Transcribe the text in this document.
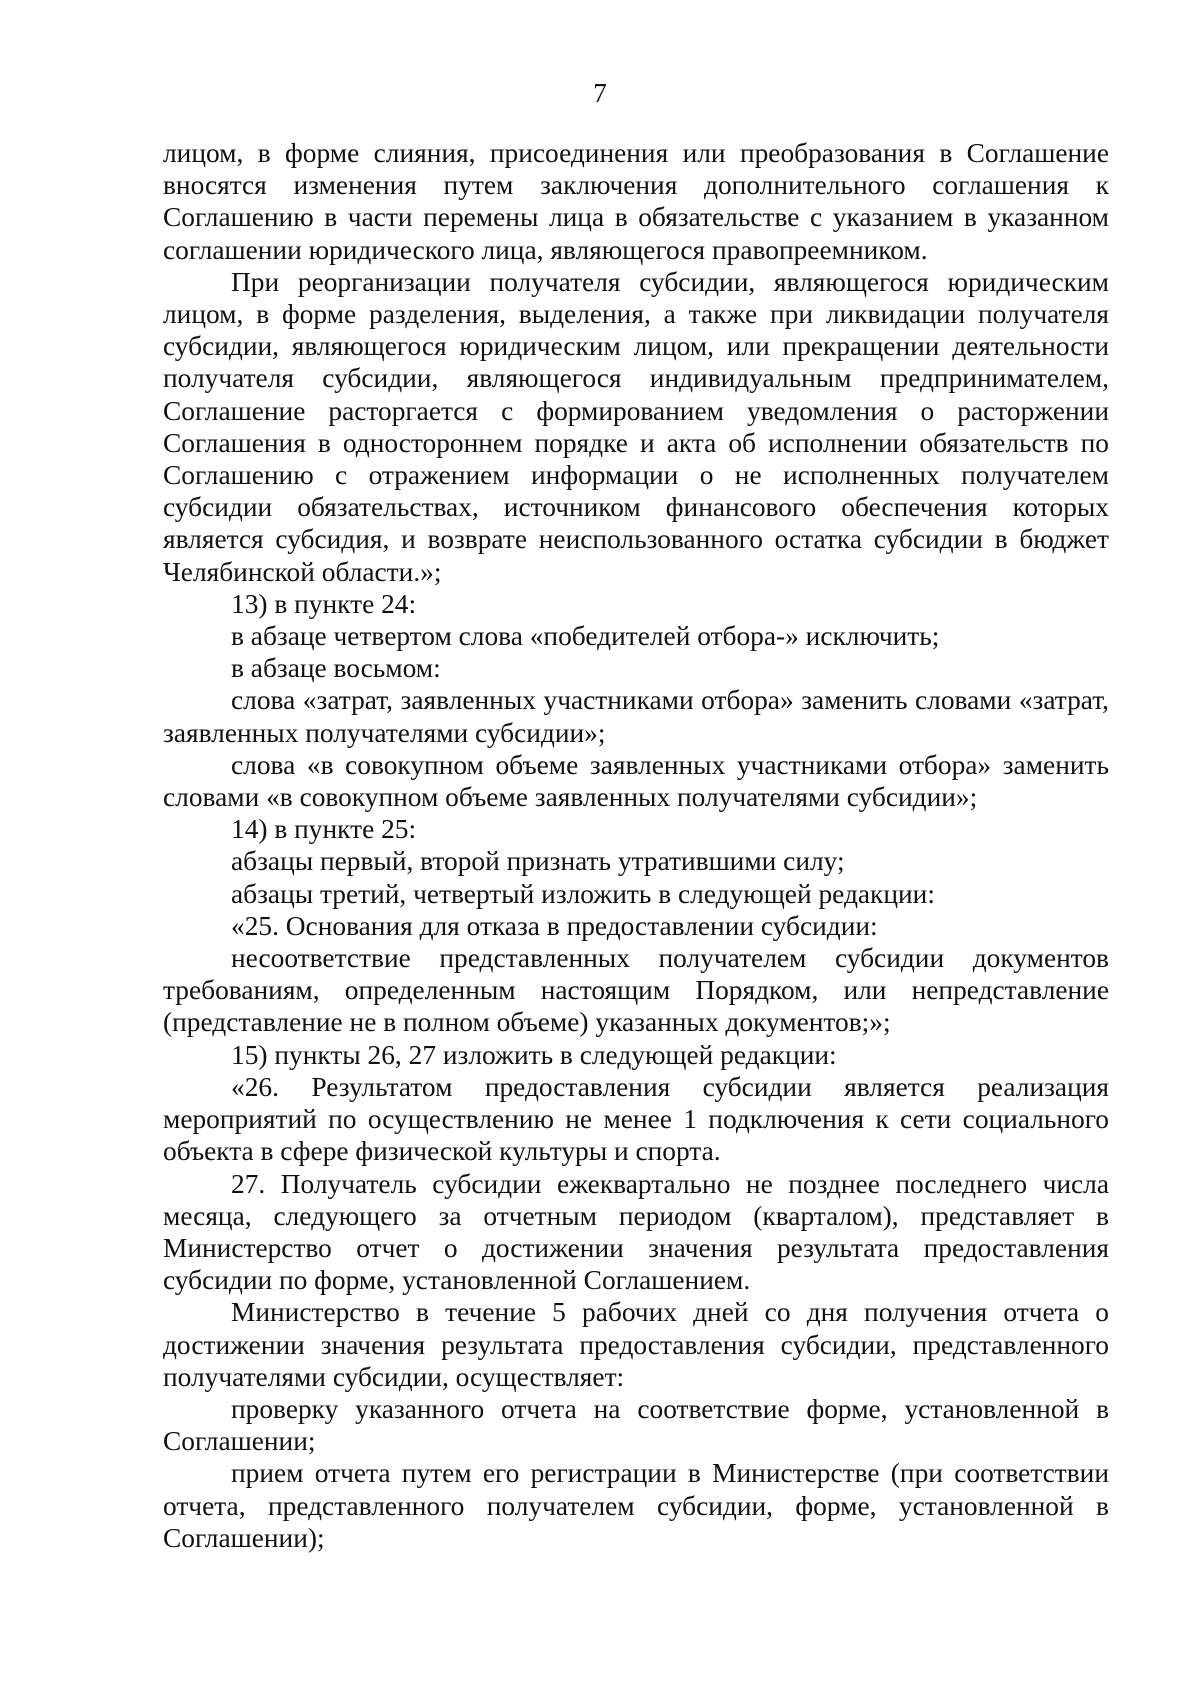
7

лицом, в форме слияния, присоединения или преобразования в Соглашение вносятся изменения путем заключения дополнительного соглашения к Соглашению в части перемены лица в обязательстве с указанием в указанном соглашении юридического лица, являющегося правопреемником.

При реорганизации получателя субсидии, являющегося юридическим лицом, в форме разделения, выделения, а также при ликвидации получателя субсидии, являющегося юридическим лицом, или прекращении деятельности получателя субсидии, являющегося индивидуальным предпринимателем, Соглашение расторгается с формированием уведомления о расторжении Соглашения в одностороннем порядке и акта об исполнении обязательств по Соглашению с отражением информации о не исполненных получателем субсидии обязательствах, источником финансового обеспечения которых является субсидия, и возврате неиспользованного остатка субсидии в бюджет Челябинской области.»;

13) в пункте 24:

в абзаце четвертом слова «победителей отбора-» исключить;

в абзаце восьмом:

слова «затрат, заявленных участниками отбора» заменить словами «затрат, заявленных получателями субсидии»;

слова «в совокупном объеме заявленных участниками отбора» заменить словами «в совокупном объеме заявленных получателями субсидии»;

14) в пункте 25:

абзацы первый, второй признать утратившими силу;

абзацы третий, четвертый изложить в следующей редакции:

«25. Основания для отказа в предоставлении субсидии:

несоответствие представленных получателем субсидии документов требованиям, определенным настоящим Порядком, или непредставление (представление не в полном объеме) указанных документов;»;

15) пункты 26, 27 изложить в следующей редакции:

«26. Результатом предоставления субсидии является реализация мероприятий по осуществлению не менее 1 подключения к сети социального объекта в сфере физической культуры и спорта.

27. Получатель субсидии ежеквартально не позднее последнего числа месяца, следующего за отчетным периодом (кварталом), представляет в Министерство отчет о достижении значения результата предоставления субсидии по форме, установленной Соглашением.

Министерство в течение 5 рабочих дней со дня получения отчета о достижении значения результата предоставления субсидии, представленного получателями субсидии, осуществляет:

проверку указанного отчета на соответствие форме, установленной в Соглашении;

прием отчета путем его регистрации в Министерстве (при соответствии отчета, представленного получателем субсидии, форме, установленной в Соглашении);
